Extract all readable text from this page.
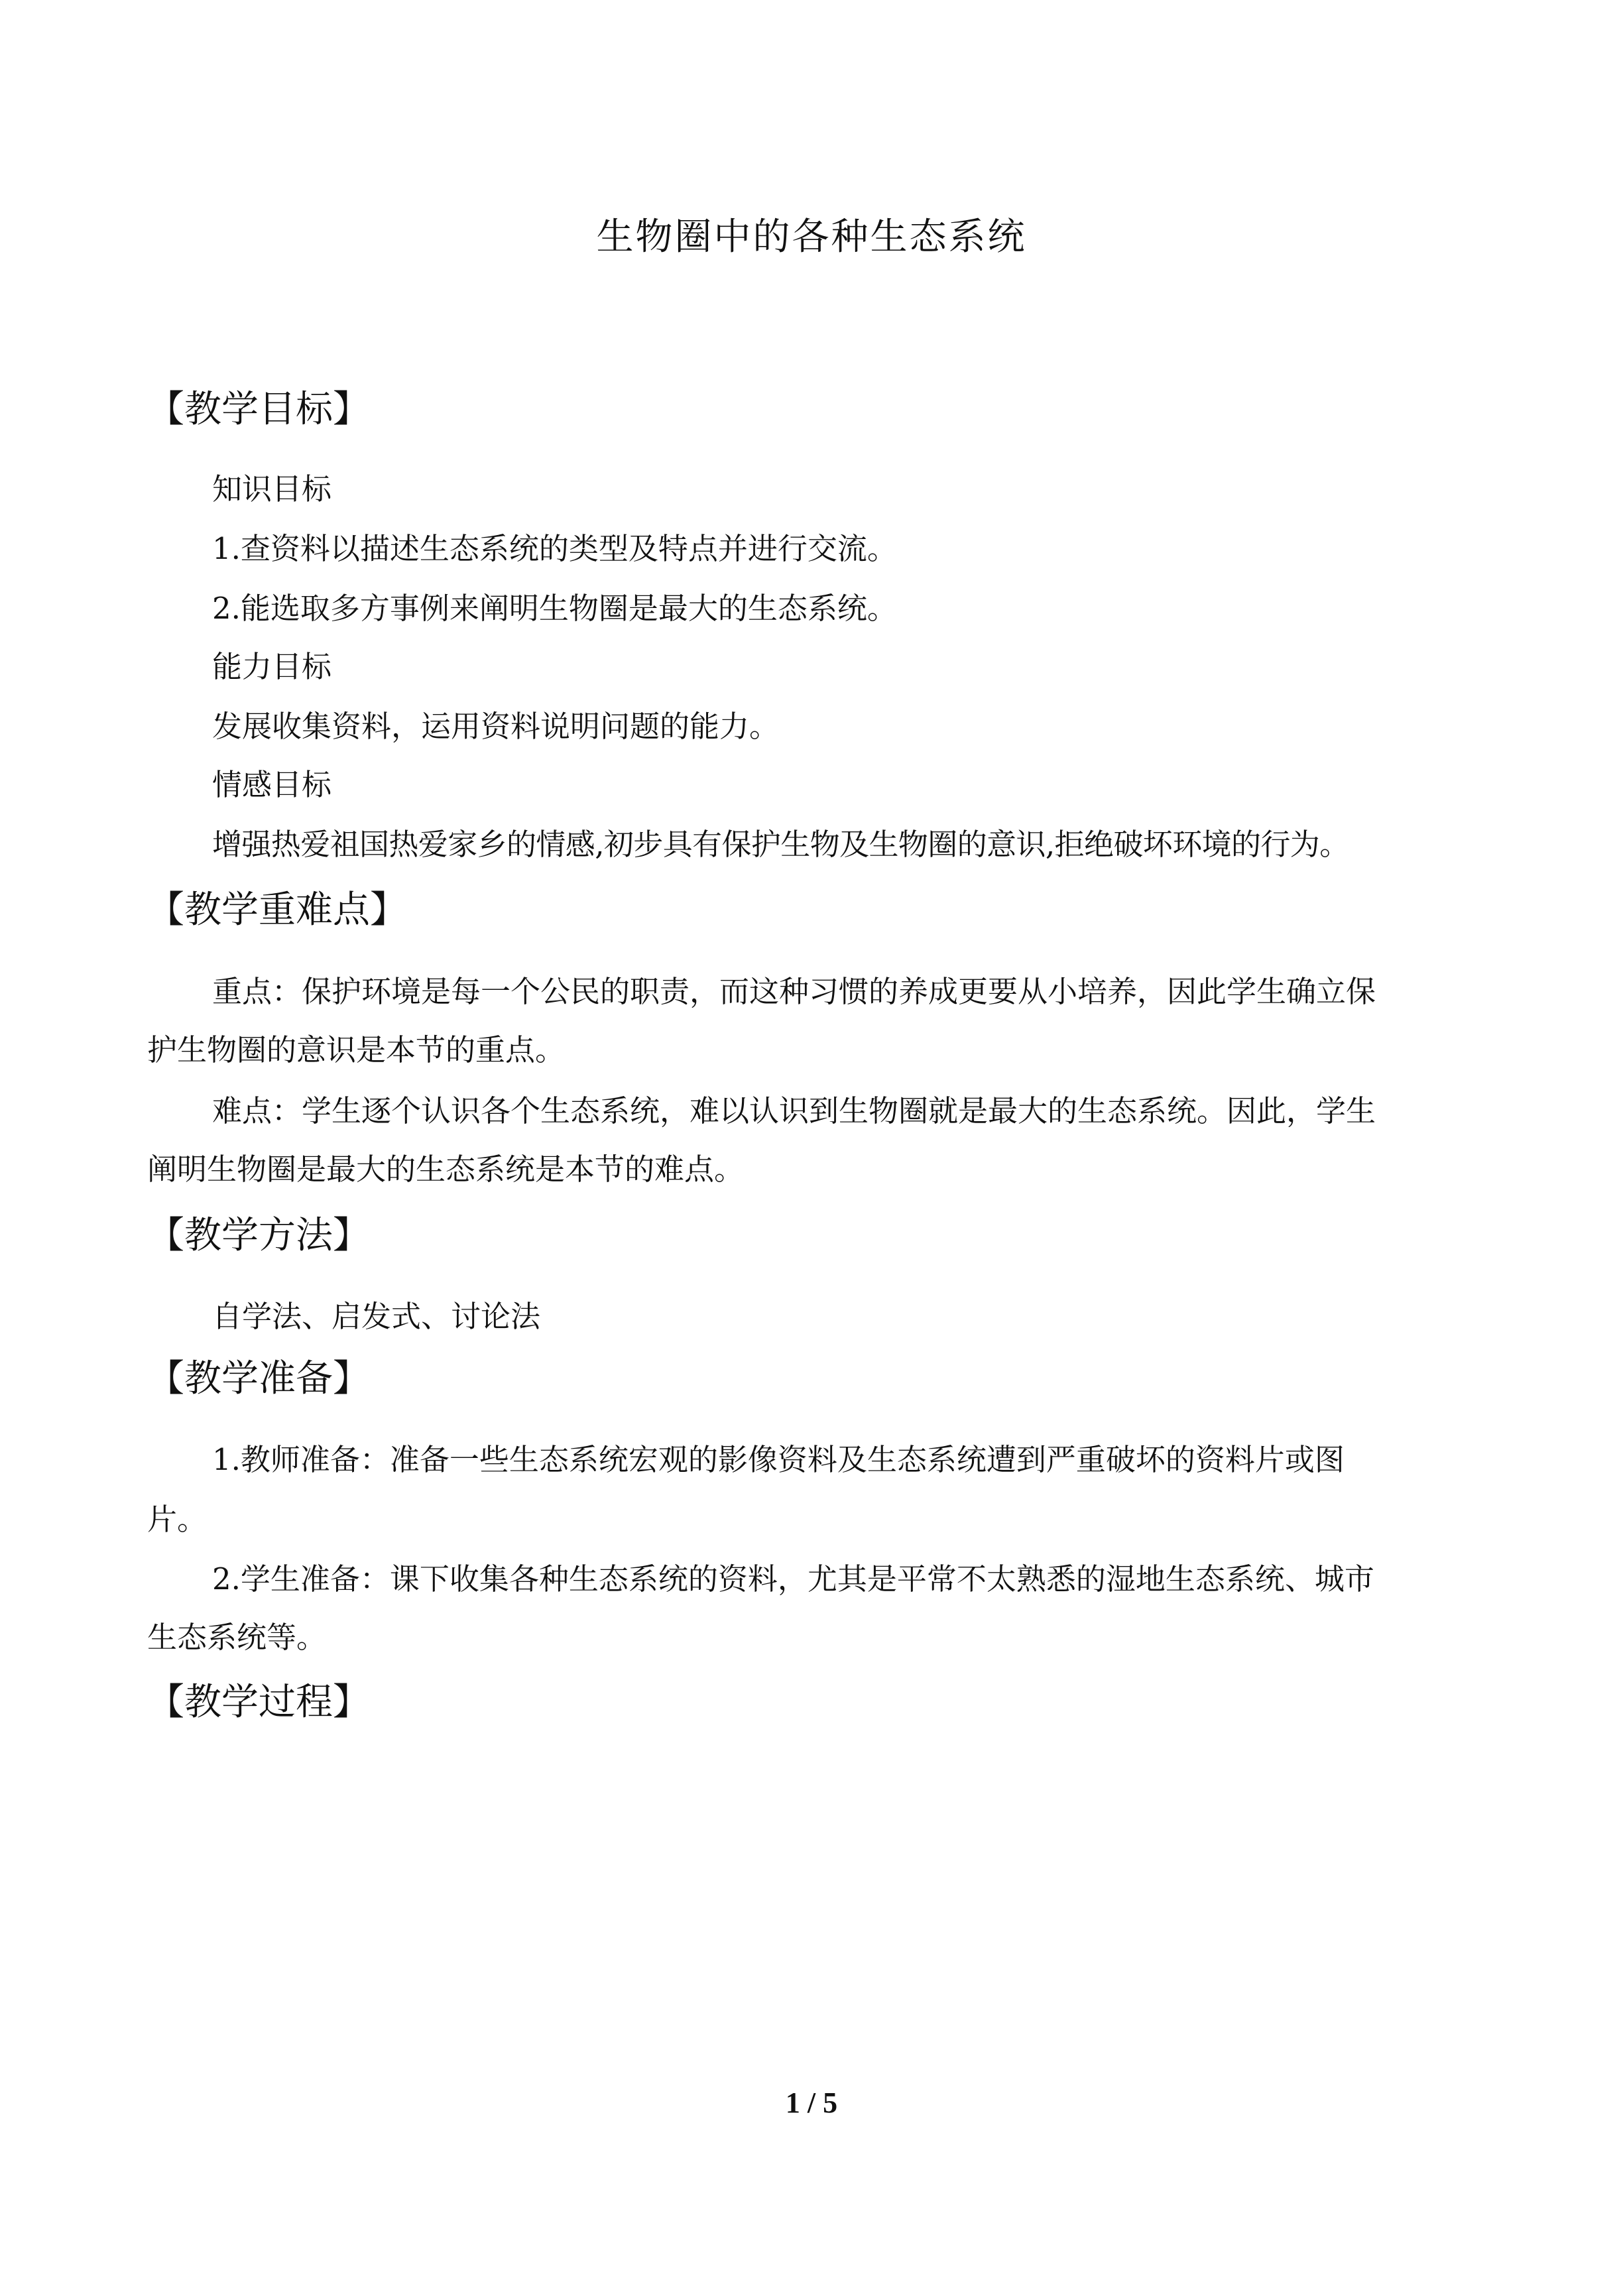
生物圈中的各种生态系统
【教学目标】

知识目标

1.查资料以描述生态系统的类型及特点并进行交流。

2.能选取多方事例来阐明生物圈是最大的生态系统。

能力目标

发展收集资料，运用资料说明问题的能力。

情感目标

增强热爱祖国热爱家乡的情感,初步具有保护生物及生物圈的意识,拒绝破坏环境的行为。

【教学重难点】

重点：保护环境是每一个公民的职责，而这种习惯的养成更要从小培养，因此学生确立保

护生物圈的意识是本节的重点。

难点：学生逐个认识各个生态系统，难以认识到生物圈就是最大的生态系统。因此，学生

阐明生物圈是最大的生态系统是本节的难点。

【教学方法】

自学法、启发式、讨论法

【教学准备】

1.教师准备：准备一些生态系统宏观的影像资料及生态系统遭到严重破坏的资料片或图

片。

2.学生准备：课下收集各种生态系统的资料，尤其是平常不太熟悉的湿地生态系统、城市

生态系统等。

【教学过程】
1 / 5
